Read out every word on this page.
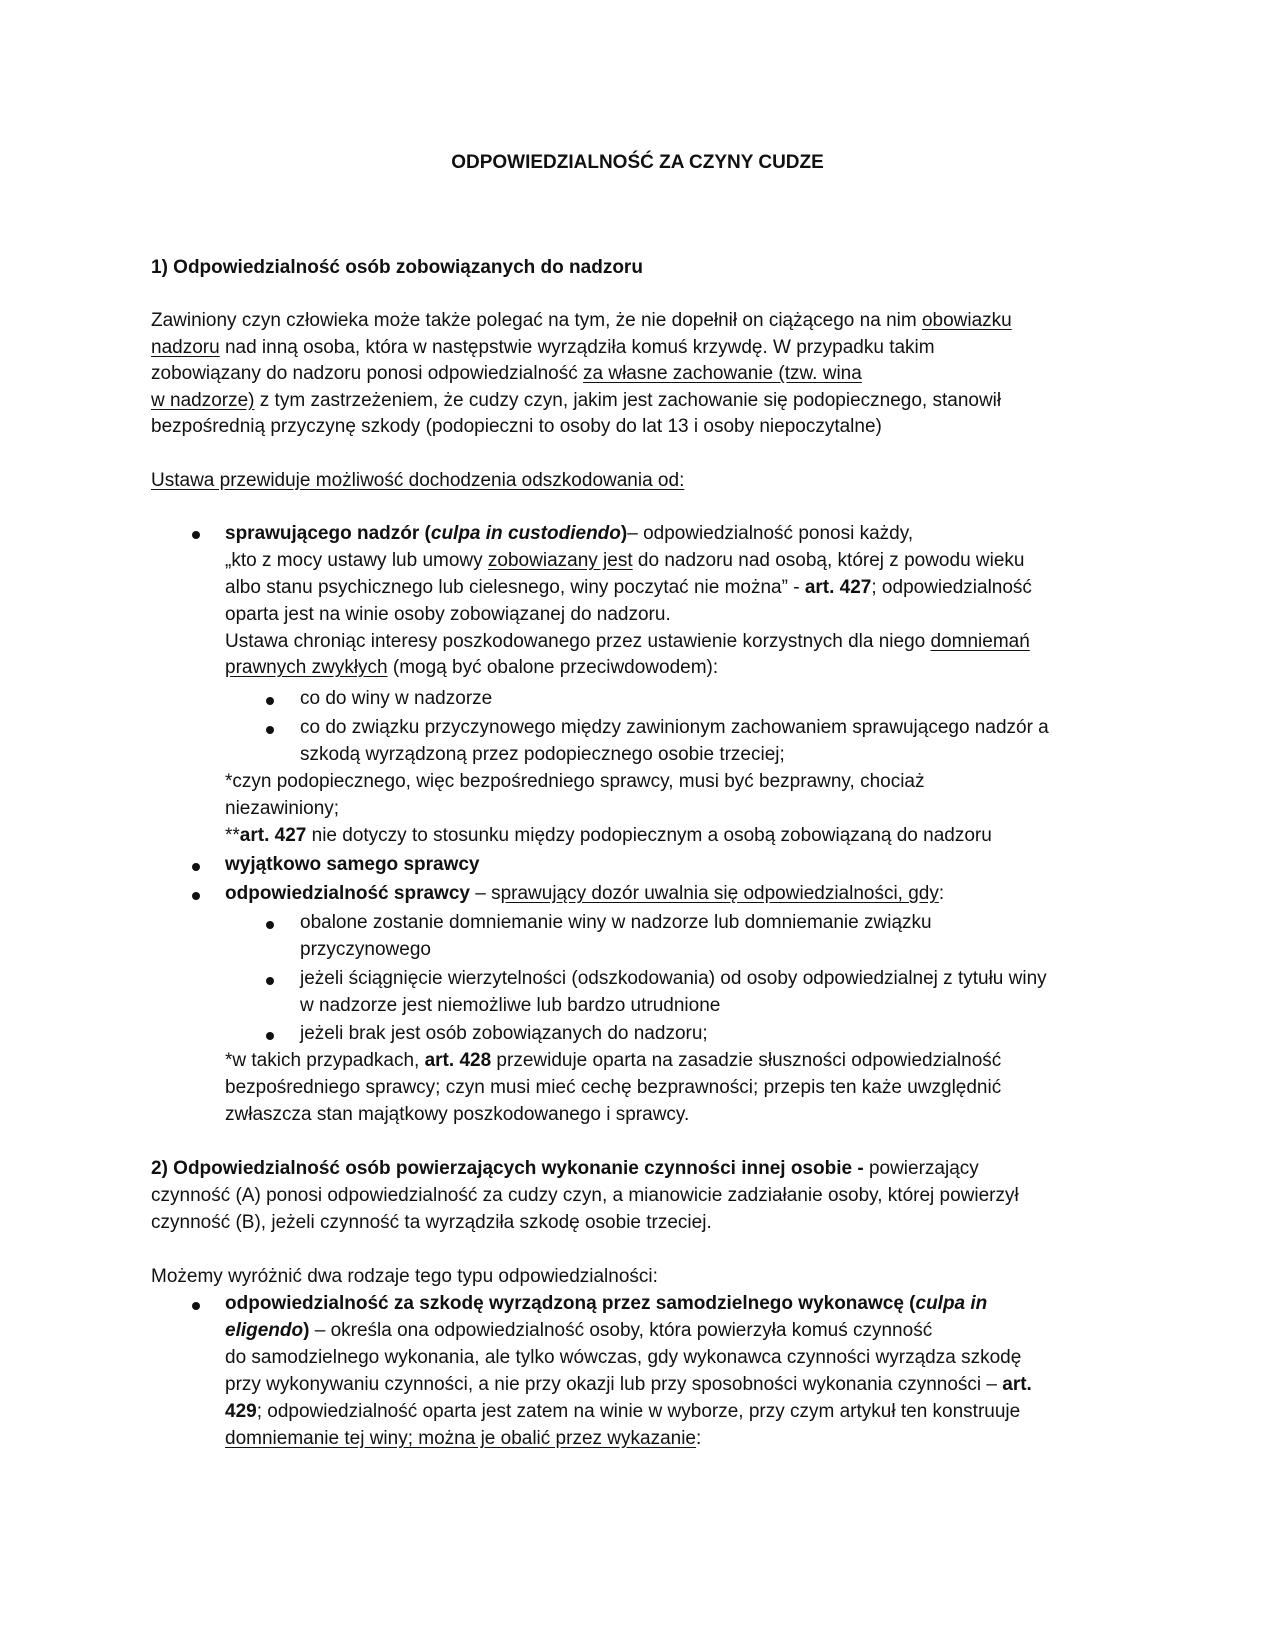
ODPOWIEDZIALNOŚĆ ZA CZYNY CUDZE
1) Odpowiedzialność osób zobowiązanych do nadzoru
Zawiniony czyn człowieka może także polegać na tym, że nie dopełnił on ciążącego na nim obowiazku
nadzoru nad inną osoba, która w następstwie wyrządziła komuś krzywdę. W przypadku takim
zobowiązany do nadzoru ponosi odpowiedzialność za własne zachowanie (tzw. wina
w nadzorze) z tym zastrzeżeniem, że cudzy czyn, jakim jest zachowanie się podopiecznego, stanowił
bezpośrednią przyczynę szkody (podopieczni to osoby do lat 13 i osoby niepoczytalne)
Ustawa przewiduje możliwość dochodzenia odszkodowania od:
sprawującego nadzór (culpa in custodiendo)– odpowiedzialność ponosi każdy,
„kto z mocy ustawy lub umowy zobowiazany jest do nadzoru nad osobą, której z powodu wieku
albo stanu psychicznego lub cielesnego, winy poczytać nie można” - art. 427; odpowiedzialność
oparta jest na winie osoby zobowiązanej do nadzoru.
Ustawa chroniąc interesy poszkodowanego przez ustawienie korzystnych dla niego domniemań
prawnych zwykłych (mogą być obalone przeciwdowodem):
co do winy w nadzorze
co do związku przyczynowego między zawinionym zachowaniem sprawującego nadzór a
szkodą wyrządzoną przez podopiecznego osobie trzeciej;
*czyn podopiecznego, więc bezpośredniego sprawcy, musi być bezprawny, chociaż
niezawiniony;
**art. 427 nie dotyczy to stosunku między podopiecznym a osobą zobowiązaną do nadzoru
wyjątkowo samego sprawcy
odpowiedzialność sprawcy – sprawujący dozór uwalnia się odpowiedzialności, gdy:
obalone zostanie domniemanie winy w nadzorze lub domniemanie związku
przyczynowego
jeżeli ściągnięcie wierzytelności (odszkodowania) od osoby odpowiedzialnej z tytułu winy
w nadzorze jest niemożliwe lub bardzo utrudnione
jeżeli brak jest osób zobowiązanych do nadzoru;
*w takich przypadkach, art. 428 przewiduje oparta na zasadzie słuszności odpowiedzialność
bezpośredniego sprawcy; czyn musi mieć cechę bezprawności; przepis ten każe uwzględnić
zwłaszcza stan majątkowy poszkodowanego i sprawcy.
2) Odpowiedzialność osób powierzających wykonanie czynności innej osobie - powierzający
czynność (A) ponosi odpowiedzialność za cudzy czyn, a mianowicie zadziałanie osoby, której powierzył
czynność (B), jeżeli czynność ta wyrządziła szkodę osobie trzeciej.
Możemy wyróżnić dwa rodzaje tego typu odpowiedzialności:
odpowiedzialność za szkodę wyrządzoną przez samodzielnego wykonawcę (culpa in
eligendo) – określa ona odpowiedzialność osoby, która powierzyła komuś czynność
do samodzielnego wykonania, ale tylko wówczas, gdy wykonawca czynności wyrządza szkodę
przy wykonywaniu czynności, a nie przy okazji lub przy sposobności wykonania czynności – art.
429; odpowiedzialność oparta jest zatem na winie w wyborze, przy czym artykuł ten konstruuje
domniemanie tej winy; można je obalić przez wykazanie:
